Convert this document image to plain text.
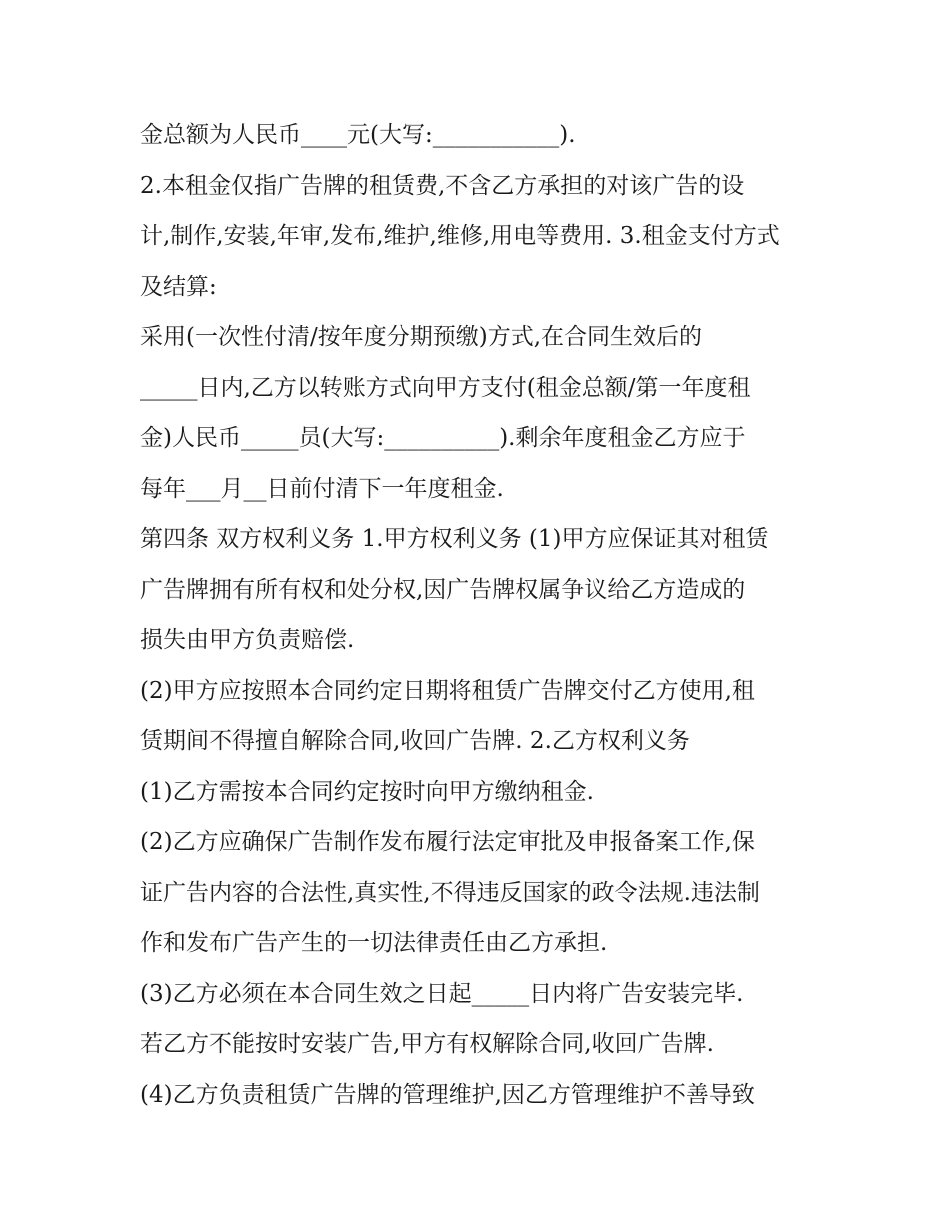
金总额为人民币____元(大写:___________).
2.本租金仅指广告牌的租赁费,不含乙方承担的对该广告的设
计,制作,安装,年审,发布,维护,维修,用电等费用. 3.租金支付方式
及结算:
采用(一次性付清/按年度分期预缴)方式,在合同生效后的
_____日内,乙方以转账方式向甲方支付(租金总额/第一年度租
金)人民币_____员(大写:__________).剩余年度租金乙方应于
每年___月__日前付清下一年度租金.
第四条 双方权利义务 1.甲方权利义务 (1)甲方应保证其对租赁
广告牌拥有所有权和处分权,因广告牌权属争议给乙方造成的
损失由甲方负责赔偿.
(2)甲方应按照本合同约定日期将租赁广告牌交付乙方使用,租
赁期间不得擅自解除合同,收回广告牌. 2.乙方权利义务
(1)乙方需按本合同约定按时向甲方缴纳租金.
(2)乙方应确保广告制作发布履行法定审批及申报备案工作,保
证广告内容的合法性,真实性,不得违反国家的政令法规.违法制
作和发布广告产生的一切法律责任由乙方承担.
(3)乙方必须在本合同生效之日起_____日内将广告安装完毕.
若乙方不能按时安装广告,甲方有权解除合同,收回广告牌.
(4)乙方负责租赁广告牌的管理维护,因乙方管理维护不善导致
